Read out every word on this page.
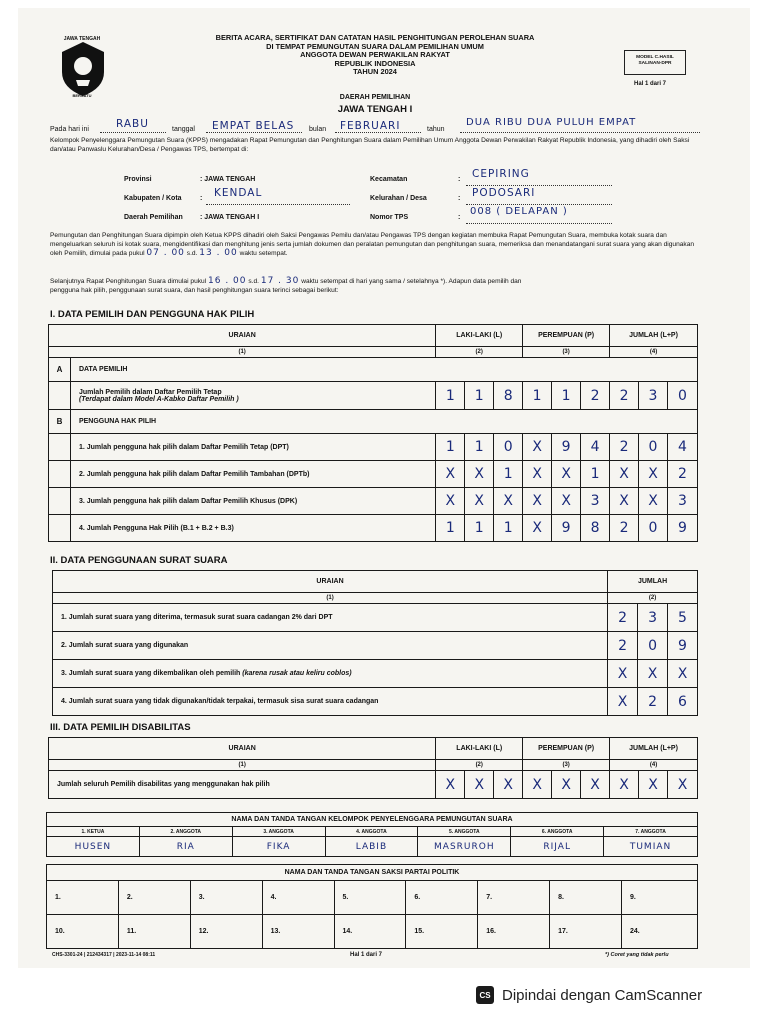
JAWA TENGAH
BERSATU
BERITA ACARA, SERTIFIKAT DAN CATATAN HASIL PENGHITUNGAN PEROLEHAN SUARA
DI TEMPAT PEMUNGUTAN SUARA DALAM PEMILIHAN UMUM
ANGGOTA DEWAN PERWAKILAN RAKYAT
REPUBLIK INDONESIA
TAHUN 2024
MODEL C.HASIL
SALINAN-DPR
Hal 1 dari 7
DAERAH PEMILIHAN
JAWA TENGAH I
Pada hari ini	RABU	tanggal EMPAT BELAS bulan FEBRUARI	tahun
DUA RIBU DUA PULUH EMPAT
Kelompok Penyelenggara Pemungutan Suara (KPPS) mengadakan Rapat Pemungutan dan Penghitungan Suara dalam Pemilihan Umum Anggota Dewan Perwakilan Rakyat Republik Indonesia, yang dihadiri oleh Saksi dan/atau Panwaslu Kelurahan/Desa / Pengawas TPS, bertempat di:
Provinsi	: JAWA TENGAH
Kabupaten / Kota	: KENDAL
Daerah Pemilihan : JAWA TENGAH I
Kecamatan	: CEPIRING
Kelurahan / Desa	: PODOSARI
Nomor TPS	:
008 ( DELAPAN )
Pemungutan dan Penghitungan Suara dipimpin oleh Ketua KPPS dihadiri oleh Saksi Pengawas Pemilu dan/atau Pengawas TPS dengan kegiatan membuka Rapat Pemungutan Suara, membuka kotak suara dan mengeluarkan seluruh isi kotak suara, mengidentifikasi dan menghitung jenis serta jumlah dokumen dan peralatan pemungutan dan penghitungan suara, memeriksa dan menandatangani surat suara yang akan digunakan oleh Pemilih, dimulai pada pukul 07 . 00 s.d. 13 . 00 waktu setempat.
Selanjutnya Rapat Penghitungan Suara dimulai pukul 16 . 00 s.d. 17 . 30 waktu setempat di hari yang sama / setelahnya *). Adapun data pemilih dan
pengguna hak pilih, penggunaan surat suara, dan hasil penghitungan suara terinci sebagai berikut:
I. DATA PEMILIH DAN PENGGUNA HAK PILIH
URAIAN		LAKI-LAKI (L)			PEREMPUAN (P)			JUMLAH (L+P)		
(1)		(2)			(3)			(4)		
A	DATA PEMILIH									

	Jumlah Pemilih dalam Daftar Pemilih Tetap
(Terdapat dalam Model A-Kabko Daftar Pemilih )	1	1	8	1	1	2	2	3	0
B	PENGGUNA HAK PILIH									
	1. Jumlah pengguna hak pilih dalam Daftar Pemilih Tetap (DPT)	1	1	0	X	9	4	2	0	4
	2. Jumlah pengguna hak pilih dalam Daftar Pemilih Tambahan (DPTb)	X	X	1	X	X	1	X	X	2
	3. Jumlah pengguna hak pilih dalam Daftar Pemilih Khusus (DPK)	X	X	X	X	X	3	X	X	3
	4. Jumlah Pengguna Hak Pilih (B.1 + B.2 + B.3)	1	1	1	X	9	8	2	0	9
II. DATA PENGGUNAAN SURAT SUARA
URAIAN	JUMLAH		
(1)	(2)		
1. Jumlah surat suara yang diterima, termasuk surat suara cadangan 2% dari DPT	2	3	5
2. Jumlah surat suara yang digunakan	2	0	9
3. Jumlah surat suara yang dikembalikan oleh pemilih (karena rusak atau keliru coblos)	X	X	X
4. Jumlah surat suara yang tidak digunakan/tidak terpakai, termasuk sisa surat suara cadangan	X	2	6
III. DATA PEMILIH DISABILITAS
URAIAN	LAKI-LAKI (L)			PEREMPUAN (P)			JUMLAH (L+P)		
(1)	(2)			(3)			(4)		
Jumlah seluruh Pemilih disabilitas yang menggunakan hak pilih	X	X	X	X	X	X	X	X	X
NAMA DAN TANDA TANGAN KELOMPOK PENYELENGGARA PEMUNGUTAN SUARA						
1. KETUA	2. ANGGOTA	3. ANGGOTA	4. ANGGOTA	5. ANGGOTA	6. ANGGOTA	7. ANGGOTA
HUSEN	RIA	FIKA	LABIB	MASRUROH	RIJAL	TUMIAN
NAMA DAN TANDA TANGAN SAKSI PARTAI POLITIK								
1.	2.	3.	4.	5.	6.	7.	8.	9.
10.	11.	12.	13.	14.	15.	16.	17.	24.
CHS-3301-24 | 212434317 | 2023-11-14 08:11	Hal 1 dari 7	*) Coret yang tidak perlu
CS Dipindai dengan CamScanner
